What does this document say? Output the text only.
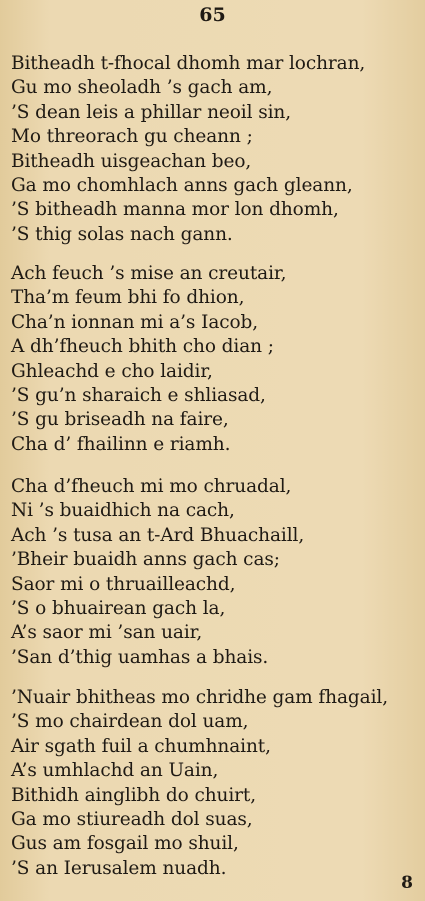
65
Bitheadh t-fhocal dhomh mar lochran,
Gu mo sheoladh ’s gach am,
’S dean leis a phillar neoil sin,
Mo threorach gu cheann ;
Bitheadh uisgeachan beo,
Ga mo chomhlach anns gach gleann,
’S bitheadh manna mor lon dhomh,
’S thig solas nach gann.
Ach feuch ’s mise an creutair,
Tha’m feum bhi fo dhion,
Cha’n ionnan mi a’s Iacob,
A dh’fheuch bhith cho dian ;
Ghleachd e cho laidir,
’S gu’n sharaich e shliasad,
’S gu briseadh na faire,
Cha d’ fhailinn e riamh.
Cha d’fheuch mi mo chruadal,
Ni ’s buaidhich na cach,
Ach ’s tusa an t-Ard Bhuachaill,
’Bheir buaidh anns gach cas;
Saor mi o thruailleachd,
’S o bhuairean gach la,
A’s saor mi ’san uair,
’San d’thig uamhas a bhais.
’Nuair bhitheas mo chridhe gam fhagail,
’S mo chairdean dol uam,
Air sgath fuil a chumhnaint,
A’s umhlachd an Uain,
Bithidh ainglibh do chuirt,
Ga mo stiureadh dol suas,
Gus am fosgail mo shuil,
’S an Ierusalem nuadh.
8
